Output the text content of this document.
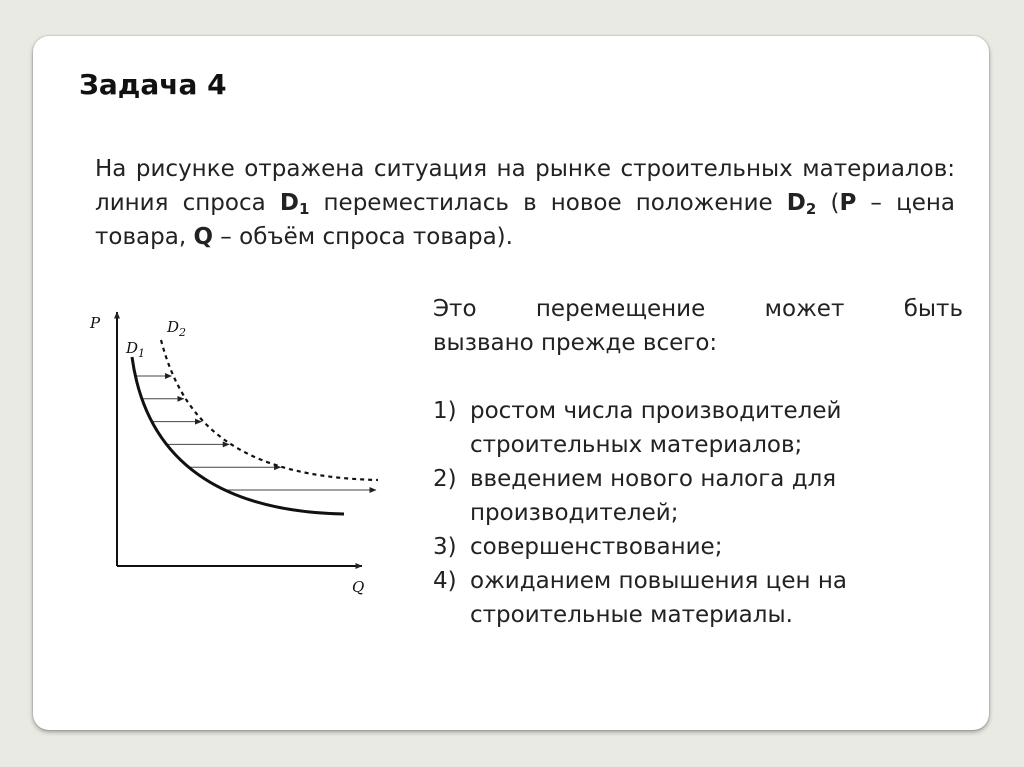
Задача 4
На рисунке отражена ситуация на рынке строительных материалов: линия спроса $D_1$ переместилась в новое положение $D_2$ (P – цена товара, Q – объём спроса товара).
P
Q
$D_1$
$D_2$
Это перемещение может быть
вызвано прежде всего:
1) ростом числа производителей строительных материалов;
2) введением нового налога для производителей;
3) совершенствование;
4) ожиданием повышения цен на строительные материалы.
